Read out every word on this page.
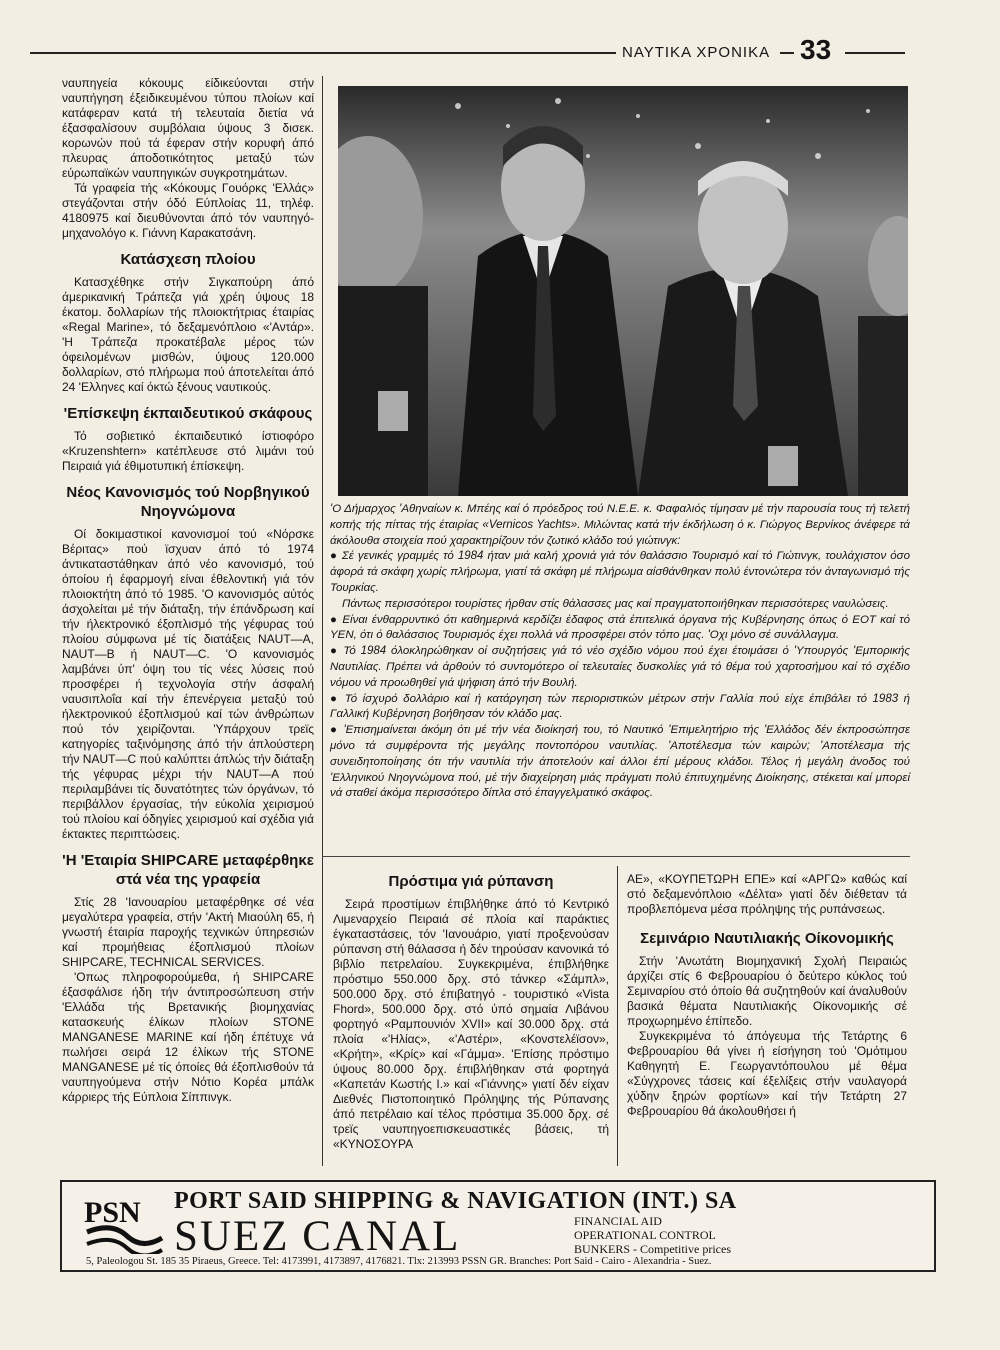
ΝΑΥΤΙΚΑ ΧΡΟΝΙΚΑ 33

ναυπηγεία κόκουμς είδικεύονται στήν ναυπήγηση έξειδικευμένου τύπου πλοίων καί κατάφεραν κατά τή τελευταία διετία νά έξασφαλίσουν συμβόλαια ύψους 3 δισεκ. κορωνών πού τά έφεραν στήν κορυφή άπό πλευρας άποδοτικότητος μεταξύ τών εύρωπαϊκών ναυπηγικών συγκροτημάτων.

Τά γραφεία τής «Κόκουμς Γουόρκς 'Ελλάς» στεγάζονται στήν όδό Εύπλοίας 11, τηλέφ. 4180975 καί διευθύνονται άπό τόν ναυπηγό-μηχανολόγο κ. Γιάννη Καρακατσάνη.

Κατάσχεση πλοίου

Κατασχέθηκε στήν Σιγκαπούρη άπό άμερικανική Τράπεζα γιά χρέη ύψους 18 έκατομ. δολλαρίων τής πλοιοκτήτριας έταιρίας «Regal Marine», τό δεξαμενόπλοιο «'Αντάρ». 'Η Τράπεζα προκατέβαλε μέρος τών όφειλομένων μισθών, ύψους 120.000 δολλαρίων, στό πλήρωμα πού άποτελείται άπό 24 'Ελληνες καί όκτώ ξένους ναυτικούς.

'Επίσκεψη έκπαιδευτικού σκάφους

Τό σοβιετικό έκπαιδευτικό ίστιοφόρο «Kruzenshtern» κατέπλευσε στό λιμάνι τού Πειραιά γιά έθιμοτυπική έπίσκεψη.

Νέος Κανονισμός τού Νορβηγικού Νηογνώμονα

Οί δοκιμαστικοί κανονισμοί τού «Νόρσκε Βέριτας» πού ϊσχυαν άπό τό 1974 άντικαταστάθηκαν άπό νέο κανονισμό, τού όποίου ή έφαρμογή είναι έθελοντική γιά τόν πλοιοκτήτη άπό τό 1985. 'Ο κανονισμός αύτός άσχολείται μέ τήν διάταξη, τήν έπάνδρωση καί τήν ήλεκτρονικό έξοπλισμό τής γέφυρας τού πλοίου σύμφωνα μέ τίς διατάξεις NAUT—A, NAUT—B ή NAUT—C. 'Ο κανονισμός λαμβάνει ύπ' όψη του τίς νέες λύσεις πού προσφέρει ή τεχνολογία στήν άσφαλή ναυσιπλοΐα καί τήν έπενέργεια μεταξύ τού ήλεκτρονικού έξοπλισμού καί τών άνθρώπων πού τόν χειρίζονται. 'Υπάρχουν τρεϊς κατηγορίες ταξινόμησης άπό τήν άπλούστερη τήν NAUT—C πού καλύπτει άπλώς τήν διάταξη τής γέφυρας μέχρι τήν NAUT—A πού περιλαμβάνει τίς δυνατότητες τών όργάνων, τό περιβάλλον έργασίας, τήν εύκολία χειρισμού τού πλοίου καί όδηγίες χειρισμού καί σχέδια γιά έκτακτες περιπτώσεις.

'Η 'Εταιρία SHIPCARE μεταφέρθηκε στά νέα της γραφεία

Στίς 28 'Ιανουαρίου μεταφέρθηκε σέ νέα μεγαλύτερα γραφεία, στήν 'Ακτή Μιαούλη 65, ή γνωστή έταιρία παροχής τεχνικών ύπηρεσιών καί προμήθειας έξοπλισμού πλοίων SHIPCARE, TECHNICAL SERVICES.

'Οπως πληροφορούμεθα, ή SHIPCARE έξασφάλισε ήδη τήν άντιπροσώπευση στήν 'Ελλάδα τής Βρετανικής βιομηχανίας κατασκευής έλίκων πλοίων STONE MANGANESE MARINE καί ήδη έπέτυχε νά πωλήσει σειρά 12 έλίκων τής STONE MANGANESE μέ τίς όποίες θά έξοπλισθούν τά ναυπηγούμενα στήν Νότιο Κορέα μπάλκ κάρριερς τής Εύπλοια Σίππινγκ.

'Ο Δήμαρχος 'Αθηναίων κ. Μπέης καί ό πρόεδρος τού Ν.Ε.Ε. κ. Φαφαλιός τίμησαν μέ τήν παρουσία τους τή τελετή κοπής τής πίττας τής έταιρίας «Vernicos Yachts». Μιλώντας κατά τήν έκδήλωση ό κ. Γιώργος Βερνίκος άνέφερε τά άκόλουθα στοιχεία πού χαρακτηρίζουν τόν ζωτικό κλάδο τού γιώτινγκ:

● Σέ γενικές γραμμές τό 1984 ήταν μιά καλή χρονιά γιά τόν θαλάσσιο Τουρισμό καί τό Γιώτινγκ, τουλάχιστον όσο άφορά τά σκάφη χωρίς πλήρωμα, γιατί τά σκάφη μέ πλήρωμα αίσθάνθηκαν πολύ έντονώτερα τόν άνταγωνισμό τής Τουρκίας.

Πάντως περισσότεροι τουρίστες ήρθαν στίς θάλασσες μας καί πραγματοποιήθηκαν περισσότερες ναυλώσεις.

● Είναι ένθαρρυντικό ότι καθημερινά κερδίζει έδαφος στά έπιτελικά όργανα τής Κυβέρνησης όπως ό ΕΟΤ καί τό ΥΕΝ, ότι ό θαλάσσιος Τουρισμός έχει πολλά νά προσφέρει στόν τόπο μας. 'Οχι μόνο σέ συνάλλαγμα.

● Τό 1984 όλοκληρώθηκαν οί συζητήσεις γιά τό νέο σχέδιο νόμου πού έχει έτοιμάσει ό 'Υπουργός 'Εμπορικής Ναυτιλίας. Πρέπει νά άρθούν τό συντομότερο οί τελευταίες δυσκολίες γιά τό θέμα τού χαρτοσήμου καί τό σχέδιο νόμου νά προωθηθεί γιά ψήφιση άπό τήν Βουλή.

● Τό ίσχυρό δολλάριο καί ή κατάργηση τών περιοριστικών μέτρων στήν Γαλλία πού είχε έπιβάλει τό 1983 ή Γαλλική Κυβέρνηση βοήθησαν τόν κλάδο μας.

● 'Επισημαίνεται άκόμη ότι μέ τήν νέα διοίκησή του, τό Ναυτικό 'Επιμελητήριο τής 'Ελλάδος δέν έκπροσώπησε μόνο τά συμφέροντα τής μεγάλης ποντοπόρου ναυτιλίας. 'Αποτέλεσμα τών καιρών; 'Αποτέλεσμα τής συνειδητοποίησης ότι τήν ναυτιλία τήν άποτελούν καί άλλοι έπί μέρους κλάδοι. Τέλος ή μεγάλη άνοδος τού 'Ελληνικού Νηογνώμονα πού, μέ τήν διαχείρηση μιάς πράγματι πολύ έπιτυχημένης Διοίκησης, στέκεται καί μπορεί νά σταθεί άκόμα περισσότερο δίπλα στό έπαγγελματικό σκάφος.

Πρόστιμα γιά ρύπανση

Σειρά προστίμων έπιβλήθηκε άπό τό Κεντρικό Λιμεναρχείο Πειραιά σέ πλοία καί παράκτιες έγκαταστάσεις, τόν 'Ιανουάριο, γιατί προξενούσαν ρύπανση στή θάλασσα ή δέν τηρούσαν κανονικά τό βιβλίο πετρελαίου. Συγκεκριμένα, έπιβλήθηκε πρόστιμο 550.000 δρχ. στό τάνκερ «Σάμπλ», 500.000 δρχ. στό έπιβατηγό - τουριστικό «Vista Fhord», 500.000 δρχ. στό ύπό σημαία Λιβάνου φορτηγό «Ραμπουνιόν XVII» καί 30.000 δρχ. στά πλοία «'Ηλίας», «'Αστέρι», «Κονστελέϊσον», «Κρήτη», «Κρίς» καί «Γάμμα». 'Επίσης πρόστιμο ύψους 80.000 δρχ. έπιβλήθηκαν στά φορτηγά «Καπετάν Κωστής Ι.» καί «Γιάννης» γιατί δέν είχαν Διεθνές Πιστοποιητικό Πρόληψης τής Ρύπανσης άπό πετρέλαιο καί τέλος πρόστιμα 35.000 δρχ. σέ τρεϊς ναυπηγοεπισκευαστικές βάσεις, τή «ΚΥΝΟΣΟΥΡΑ

ΑΕ», «ΚΟΥΠΕΤΩΡΗ ΕΠΕ» καί «ΑΡΓΩ» καθώς καί στό δεξαμενόπλοιο «Δέλτα» γιατί δέν διέθεταν τά προβλεπόμενα μέσα πρόληψης τής ρυπάνσεως.

Σεμινάριο Ναυτιλιακής Οίκονομικής

Στήν 'Ανωτάτη Βιομηχανική Σχολή Πειραιώς άρχίζει στίς 6 Φεβρουαρίου ό δεύτερο κύκλος τού Σεμιναρίου στό όποίο θά συζητηθούν καί άναλυθούν βασικά θέματα Ναυτιλιακής Οίκονομικής σέ προχωρημένο έπίπεδο.

Συγκεκριμένα τό άπόγευμα τής Τετάρτης 6 Φεβρουαρίου θά γίνει ή είσήγηση τού 'Ομότιμου Καθηγητή Ε. Γεωργαντόπουλου μέ θέμα «Σύγχρονες τάσεις καί έξελίξεις στήν ναυλαγορά χύδην ξηρών φορτίων» καί τήν Τετάρτη 27 Φεβρουαρίου θά άκολουθήσει ή

PSN PORT SAID SHIPPING & NAVIGATION (INT.) SA
SUEZ CANAL	FINANCIAL AID
OPERATIONAL CONTROL
BUNKERS - Competitive prices
5, Paleologou St. 185 35 Piraeus, Greece. Tel: 4173991, 4173897, 4176821. Tlx: 213993 PSSN GR. Branches: Port Said - Cairo - Alexandria - Suez.
